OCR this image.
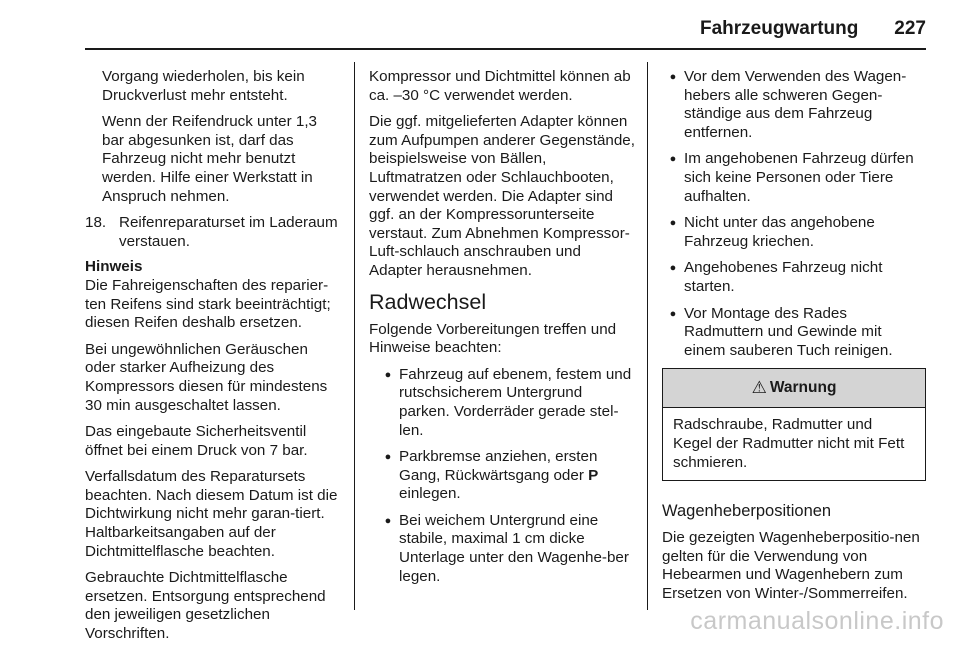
Fahrzeugwartung 227

Vorgang wiederholen, bis kein Druckverlust mehr entsteht.

Wenn der Reifendruck unter 1,3 bar abgesunken ist, darf das Fahrzeug nicht mehr benutzt werden. Hilfe einer Werkstatt in Anspruch nehmen.

18. Reifenreparaturset im Laderaum verstauen.

Hinweis

Die Fahreigenschaften des reparier-ten Reifens sind stark beeinträchtigt; diesen Reifen deshalb ersetzen.

Bei ungewöhnlichen Geräuschen oder starker Aufheizung des Kompressors diesen für mindestens 30 min ausgeschaltet lassen.

Das eingebaute Sicherheitsventil öffnet bei einem Druck von 7 bar.

Verfallsdatum des Reparatursets beachten. Nach diesem Datum ist die Dichtwirkung nicht mehr garan-tiert. Haltbarkeitsangaben auf der Dichtmittelflasche beachten.

Gebrauchte Dichtmittelflasche ersetzen. Entsorgung entsprechend den jeweiligen gesetzlichen Vorschriften.

Kompressor und Dichtmittel können ab ca. –30 °C verwendet werden.

Die ggf. mitgelieferten Adapter können zum Aufpumpen anderer Gegenstände, beispielsweise von Bällen, Luftmatratzen oder Schlauchbooten, verwendet werden. Die Adapter sind ggf. an der Kompressorunterseite verstaut. Zum Abnehmen Kompressor-Luft-schlauch anschrauben und Adapter herausnehmen.

Radwechsel

Folgende Vorbereitungen treffen und Hinweise beachten:

●
Fahrzeug auf ebenem, festem und rutschsicherem Untergrund parken. Vorderräder gerade stel-len.
●
Parkbremse anziehen, ersten Gang, Rückwärtsgang oder P einlegen.
●
Bei weichem Untergrund eine stabile, maximal 1 cm dicke Unterlage unter den Wagenhe-ber legen.
●
Vor dem Verwenden des Wagen-hebers alle schweren Gegen-ständige aus dem Fahrzeug entfernen.
●
Im angehobenen Fahrzeug dürfen sich keine Personen oder Tiere aufhalten.
●
Nicht unter das angehobene Fahrzeug kriechen.
●
Angehobenes Fahrzeug nicht starten.
●
Vor Montage des Rades Radmuttern und Gewinde mit einem sauberen Tuch reinigen.
⚠ Warnung
Radschraube, Radmutter und Kegel der Radmutter nicht mit Fett schmieren.
Wagenheberpositionen

Die gezeigten Wagenheberpositio-nen gelten für die Verwendung von Hebearmen und Wagenhebern zum Ersetzen von Winter-/Sommerreifen.

carmanualsonline.info
